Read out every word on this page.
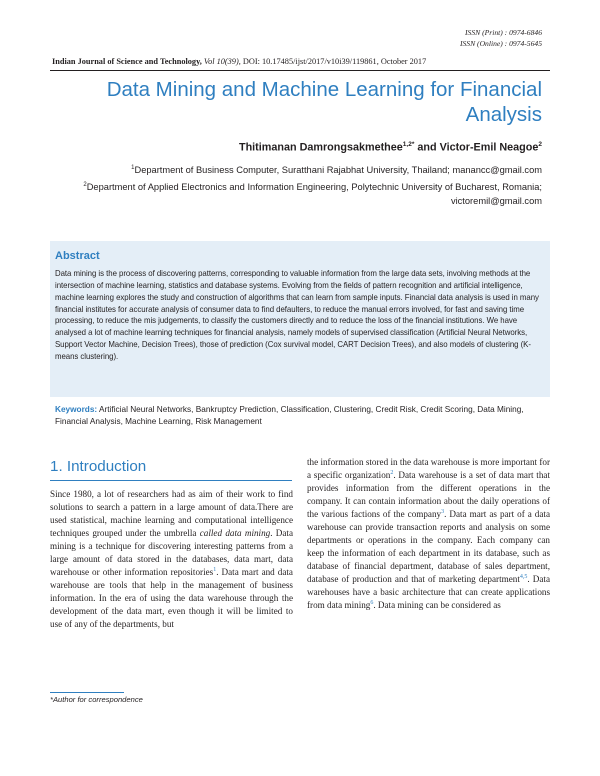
ISSN (Print) : 0974-6846
ISSN (Online) : 0974-5645
Indian Journal of Science and Technology, Vol 10(39), DOI: 10.17485/ijst/2017/v10i39/119861, October 2017
Data Mining and Machine Learning for Financial Analysis
Thitimanan Damrongsakmethee$^{1,2*}$ and Victor-Emil Neagoe$^2$
$^1$Department of Business Computer, Suratthani Rajabhat University, Thailand; manancc@gmail.com
$^2$Department of Applied Electronics and Information Engineering, Polytechnic University of Bucharest, Romania;
victoremil@gmail.com
Abstract
Data mining is the process of discovering patterns, corresponding to valuable information from the large data sets, involving methods at the intersection of machine learning, statistics and database systems. Evolving from the fields of pattern recognition and artificial intelligence, machine learning explores the study and construction of algorithms that can learn from sample inputs. Financial data analysis is used in many financial institutes for accurate analysis of consumer data to find defaulters, to reduce the manual errors involved, for fast and saving time processing, to reduce the mis judgements, to classify the customers directly and to reduce the loss of the financial institutions. We have analysed a lot of machine learning techniques for financial analysis, namely models of supervised classification (Artificial Neural Networks, Support Vector Machine, Decision Trees), those of prediction (Cox survival model, CART Decision Trees), and also models of clustering (K-means clustering).
Keywords: Artificial Neural Networks, Bankruptcy Prediction, Classification, Clustering, Credit Risk, Credit Scoring, Data Mining, Financial Analysis, Machine Learning, Risk Management
1. Introduction
Since 1980, a lot of researchers had as aim of their work to find solutions to search a pattern in a large amount of data.There are used statistical, machine learning and computational intelligence techniques grouped under the umbrella called data mining. Data mining is a technique for discovering interesting patterns from a large amount of data stored in the databases, data mart, data warehouse or other information repositories$^1$. Data mart and data warehouse are tools that help in the management of business information. In the era of using the data warehouse through the development of the data mart, even though it will be limited to use of any of the departments, but
the information stored in the data warehouse is more important for a specific organization$^2$. Data warehouse is a set of data mart that provides information from the different operations in the company. It can contain information about the daily operations of the various factions of the company$^3$. Data mart as part of a data warehouse can provide transaction reports and analysis on some departments or operations in the company. Each company can keep the information of each department in its database, such as database of financial department, database of sales department, database of production and that of marketing department$^{4,5}$. Data warehouses have a basic architecture that can create applications from data mining$^6$. Data mining can be considered as
*Author for correspondence
